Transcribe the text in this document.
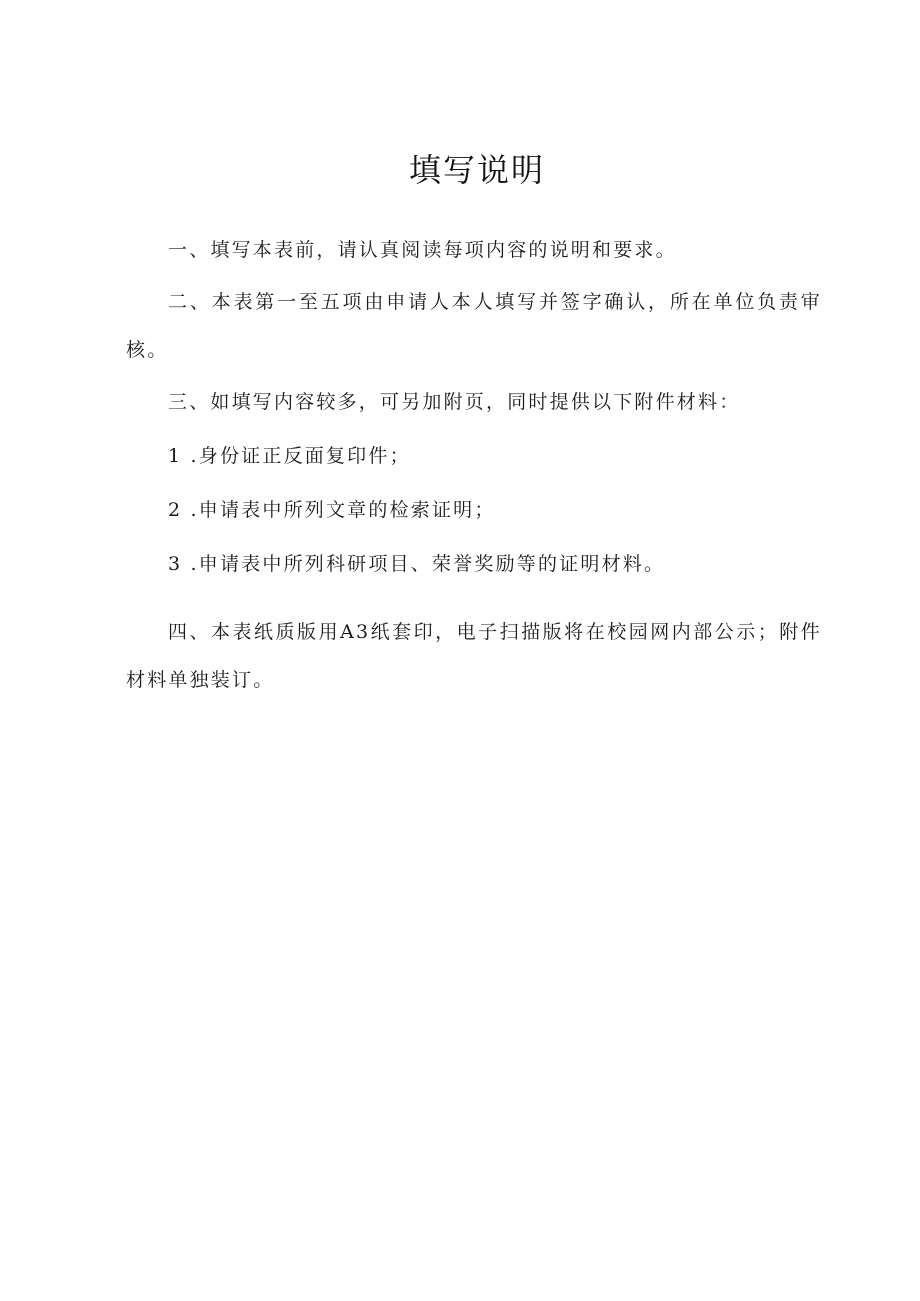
填写说明

一、填写本表前，请认真阅读每项内容的说明和要求。

二、本表第一至五项由申请人本人填写并签字确认，所在单位负责审核。

三、如填写内容较多，可另加附页，同时提供以下附件材料：

1 .身份证正反面复印件；

2 .申请表中所列文章的检索证明；

3 .申请表中所列科研项目、荣誉奖励等的证明材料。

四、本表纸质版用A3纸套印，电子扫描版将在校园网内部公示；附件材料单独装订。
